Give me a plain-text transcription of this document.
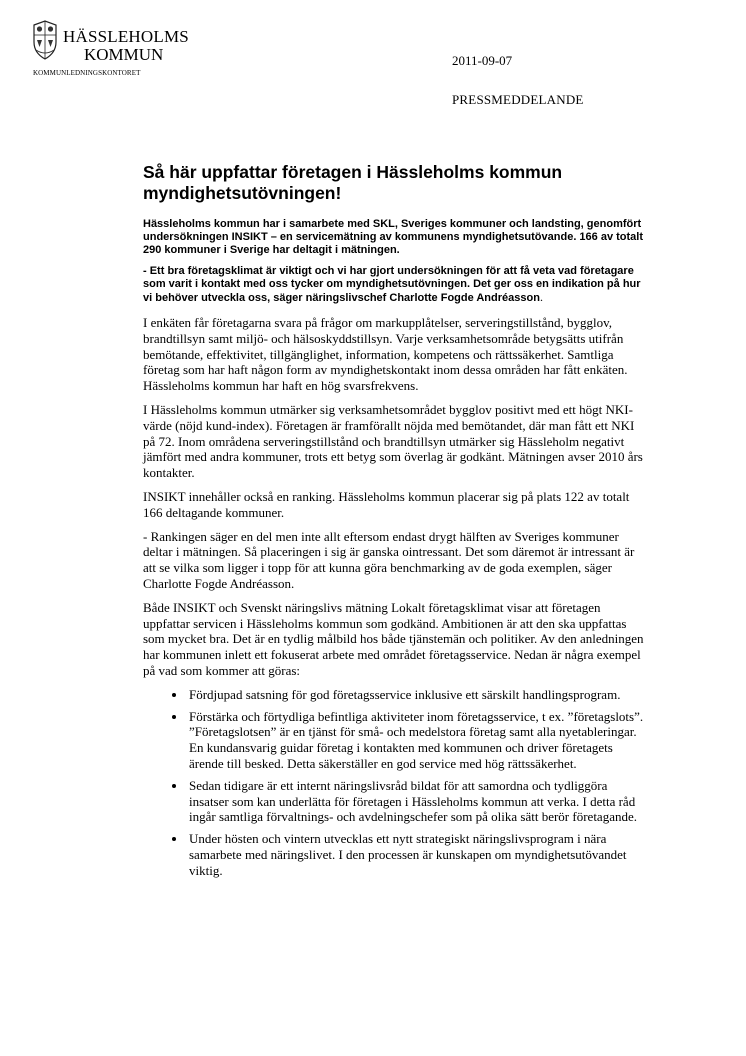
HÄSSLEHOLMS
KOMMUN
KOMMUNLEDNINGSKONTORET
2011-09-07
PRESSMEDDELANDE
Så här uppfattar företagen i Hässleholms kommun myndighetsutövningen!

Hässleholms kommun har i samarbete med SKL, Sveriges kommuner och landsting, genomfört undersökningen INSIKT – en servicemätning av kommunens myndighetsutövande. 166 av totalt 290 kommuner i Sverige har deltagit i mätningen.

- Ett bra företagsklimat är viktigt och vi har gjort undersökningen för att få veta vad företagare som varit i kontakt med oss tycker om myndighetsutövningen. Det ger oss en indikation på hur vi behöver utveckla oss, säger näringslivschef Charlotte Fogde Andréasson.

I enkäten får företagarna svara på frågor om markupplåtelser, serveringstillstånd, bygglov, brandtillsyn samt miljö- och hälsoskyddstillsyn. Varje verksamhetsområde betygsätts utifrån bemötande, effektivitet, tillgänglighet, information, kompetens och rättssäkerhet. Samtliga företag som har haft någon form av myndighetskontakt inom dessa områden har fått enkäten. Hässleholms kommun har haft en hög svarsfrekvens.

I Hässleholms kommun utmärker sig verksamhetsområdet bygglov positivt med ett högt NKI-värde (nöjd kund-index). Företagen är framförallt nöjda med bemötandet, där man fått ett NKI på 72. Inom områdena serveringstillstånd och brandtillsyn utmärker sig Hässleholm negativt jämfört med andra kommuner, trots ett betyg som överlag är godkänt. Mätningen avser 2010 års kontakter.

INSIKT innehåller också en ranking. Hässleholms kommun placerar sig på plats 122 av totalt 166 deltagande kommuner.

- Rankingen säger en del men inte allt eftersom endast drygt hälften av Sveriges kommuner deltar i mätningen. Så placeringen i sig är ganska ointressant. Det som däremot är intressant är att se vilka som ligger i topp för att kunna göra benchmarking av de goda exemplen, säger Charlotte Fogde Andréasson.

Både INSIKT och Svenskt näringslivs mätning Lokalt företagsklimat visar att företagen uppfattar servicen i Hässleholms kommun som godkänd. Ambitionen är att den ska uppfattas som mycket bra. Det är en tydlig målbild hos både tjänstemän och politiker. Av den anledningen har kommunen inlett ett fokuserat arbete med området företagsservice. Nedan är några exempel på vad som kommer att göras:

• Fördjupad satsning för god företagsservice inklusive ett särskilt handlingsprogram.
• Förstärka och förtydliga befintliga aktiviteter inom företagsservice, t ex. ”företagslots”. ”Företagslotsen” är en tjänst för små- och medelstora företag samt alla nyetableringar. En kundansvarig guidar företag i kontakten med kommunen och driver företagets ärende till besked. Detta säkerställer en god service med hög rättssäkerhet.
• Sedan tidigare är ett internt näringslivsråd bildat för att samordna och tydliggöra insatser som kan underlätta för företagen i Hässleholms kommun att verka. I detta råd ingår samtliga förvaltnings- och avdelningschefer som på olika sätt berör företagande.
• Under hösten och vintern utvecklas ett nytt strategiskt näringslivsprogram i nära samarbete med näringslivet. I den processen är kunskapen om myndighetsutövandet viktig.
